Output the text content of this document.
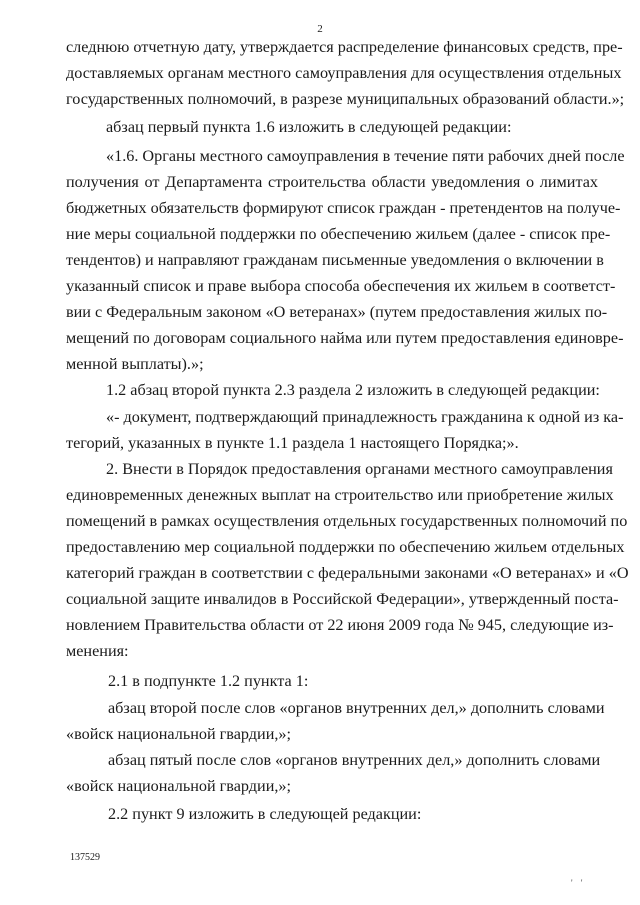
2
следнюю отчетную дату, утверждается распределение финансовых средств, пре-
доставляемых органам местного самоуправления для осуществления отдельных
государственных полномочий, в разрезе муниципальных образований области.»;
абзац первый пункта 1.6 изложить в следующей редакции:
«1.6. Органы местного самоуправления в течение пяти рабочих дней после
получения от Департамента строительства области уведомления о лимитах
бюджетных обязательств формируют список граждан - претендентов на получе-
ние меры социальной поддержки по обеспечению жильем (далее - список пре-
тендентов) и направляют гражданам письменные уведомления о включении в
указанный список и праве выбора способа обеспечения их жильем в соответст-
вии с Федеральным законом «О ветеранах» (путем предоставления жилых по-
мещений по договорам социального найма или путем предоставления единовре-
менной выплаты).»;
1.2 абзац второй пункта 2.3 раздела 2 изложить в следующей редакции:
«- документ, подтверждающий принадлежность гражданина к одной из ка-
тегорий, указанных в пункте 1.1 раздела 1 настоящего Порядка;».
2. Внести в Порядок предоставления органами местного самоуправления
единовременных денежных выплат на строительство или приобретение жилых
помещений в рамках осуществления отдельных государственных полномочий по
предоставлению мер социальной поддержки по обеспечению жильем отдельных
категорий граждан в соответствии с федеральными законами «О ветеранах» и «О
социальной защите инвалидов в Российской Федерации», утвержденный поста-
новлением Правительства области от 22 июня 2009 года № 945, следующие из-
менения:
2.1 в подпункте 1.2 пункта 1:
абзац второй после слов «органов внутренних дел,» дополнить словами
«войск национальной гвардии,»;
абзац пятый после слов «органов внутренних дел,» дополнить словами
«войск национальной гвардии,»;
2.2 пункт 9 изложить в следующей редакции:
137529
' '
